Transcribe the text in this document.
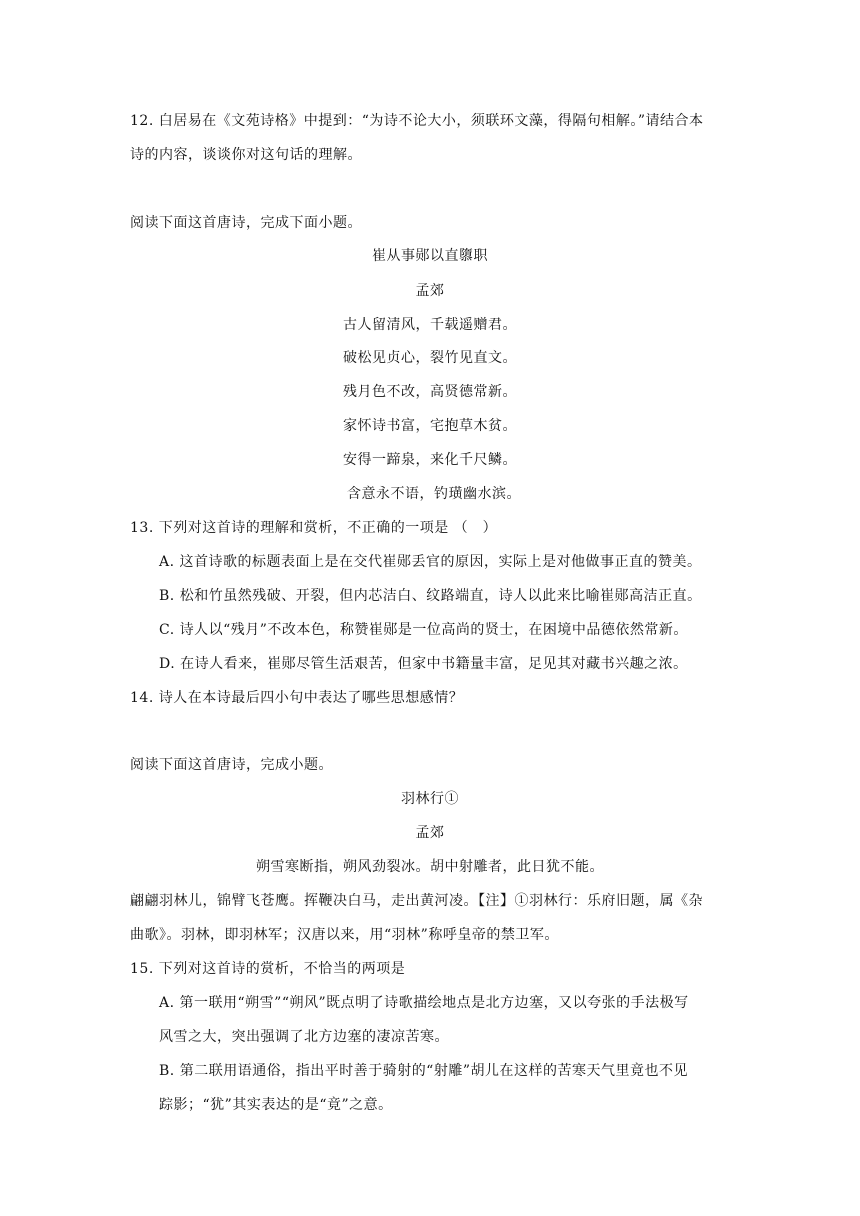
12. 白居易在《文苑诗格》中提到：“为诗不论大小，须联环文藻，得隔句相解。”请结合本
诗的内容，谈谈你对这句话的理解。
阅读下面这首唐诗，完成下面小题。
崔从事郧以直隳职
孟郊
古人留清风，千载遥赠君。
破松见贞心，裂竹见直文。
残月色不改，高贤德常新。
家怀诗书富，宅抱草木贫。
安得一蹄泉，来化千尺鳞。
含意永不语，钓璜幽水滨。
13. 下列对这首诗的理解和赏析，不正确的一项是 （　）
A. 这首诗歌的标题表面上是在交代崔郧丢官的原因，实际上是对他做事正直的赞美。
B. 松和竹虽然残破、开裂，但内芯洁白、纹路端直，诗人以此来比喻崔郧高洁正直。
C. 诗人以“残月”不改本色，称赞崔郧是一位高尚的贤士，在困境中品德依然常新。
D. 在诗人看来，崔郧尽管生活艰苦，但家中书籍量丰富，足见其对藏书兴趣之浓。
14. 诗人在本诗最后四小句中表达了哪些思想感情？
阅读下面这首唐诗，完成小题。
羽林行①
孟郊
朔雪寒断指，朔风劲裂冰。胡中射雕者，此日犹不能。
翩翩羽林儿，锦臂飞苍鹰。挥鞭决白马，走出黄河凌。【注】①羽林行：乐府旧题，属《杂
曲歌》。羽林，即羽林军；汉唐以来，用“羽林”称呼皇帝的禁卫军。
15. 下列对这首诗的赏析，不恰当的两项是
A. 第一联用“朔雪”“朔风”既点明了诗歌描绘地点是北方边塞，又以夸张的手法极写
风雪之大，突出强调了北方边塞的凄凉苦寒。
B. 第二联用语通俗，指出平时善于骑射的“射雕”胡儿在这样的苦寒天气里竟也不见
踪影；“犹”其实表达的是“竟”之意。
